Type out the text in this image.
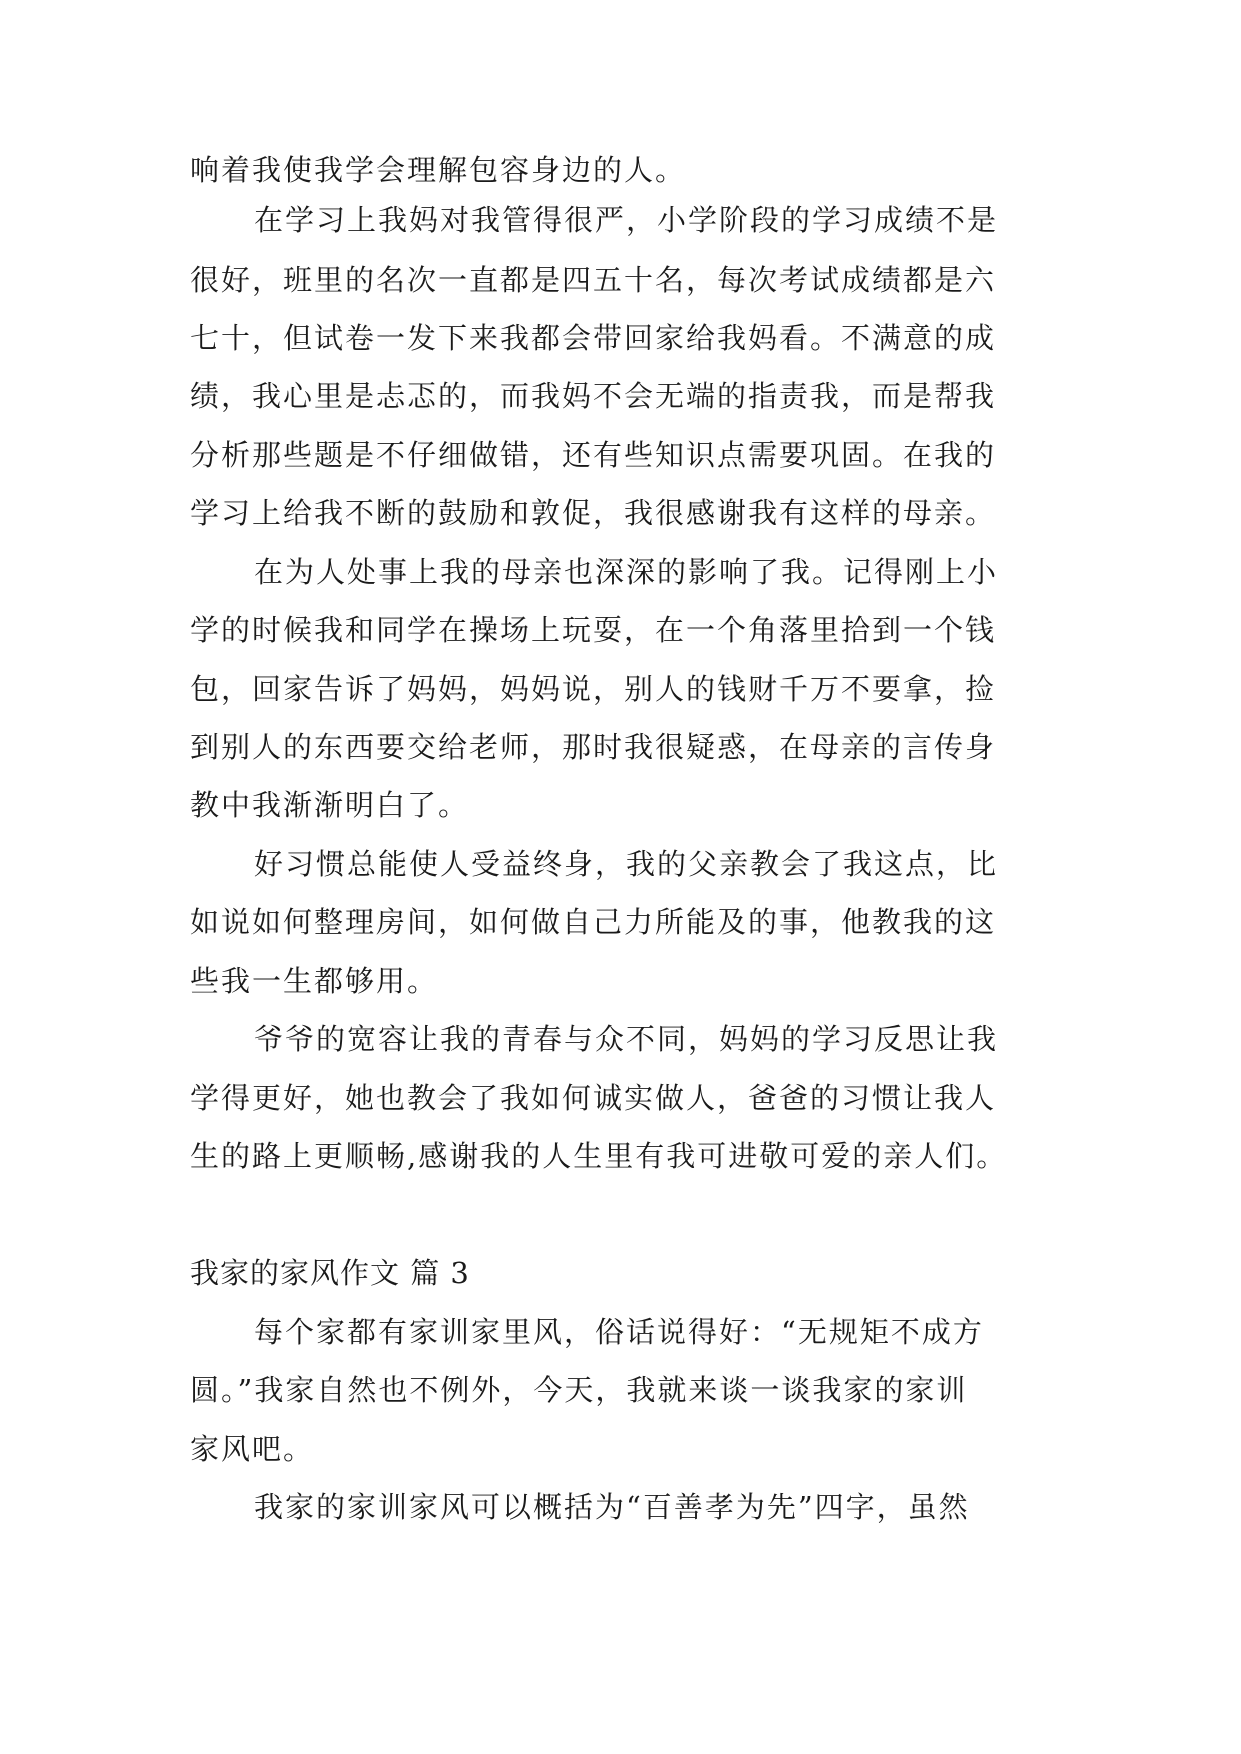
响着我使我学会理解包容身边的人。
在学习上我妈对我管得很严，小学阶段的学习成绩不是
很好，班里的名次一直都是四五十名，每次考试成绩都是六
七十，但试卷一发下来我都会带回家给我妈看。不满意的成
绩，我心里是忐忑的，而我妈不会无端的指责我，而是帮我
分析那些题是不仔细做错，还有些知识点需要巩固。在我的
学习上给我不断的鼓励和敦促，我很感谢我有这样的母亲。
在为人处事上我的母亲也深深的影响了我。记得刚上小
学的时候我和同学在操场上玩耍，在一个角落里拾到一个钱
包，回家告诉了妈妈，妈妈说，别人的钱财千万不要拿，捡
到别人的东西要交给老师，那时我很疑惑，在母亲的言传身
教中我渐渐明白了。
好习惯总能使人受益终身，我的父亲教会了我这点，比
如说如何整理房间，如何做自己力所能及的事，他教我的这
些我一生都够用。
爷爷的宽容让我的青春与众不同，妈妈的学习反思让我
学得更好，她也教会了我如何诚实做人，爸爸的习惯让我人
生的路上更顺畅,感谢我的人生里有我可进敬可爱的亲人们。
我家的家风作文 篇 3
每个家都有家训家里风，俗话说得好：“无规矩不成方
圆。”我家自然也不例外，今天，我就来谈一谈我家的家训
家风吧。
我家的家训家风可以概括为“百善孝为先”四字，虽然
